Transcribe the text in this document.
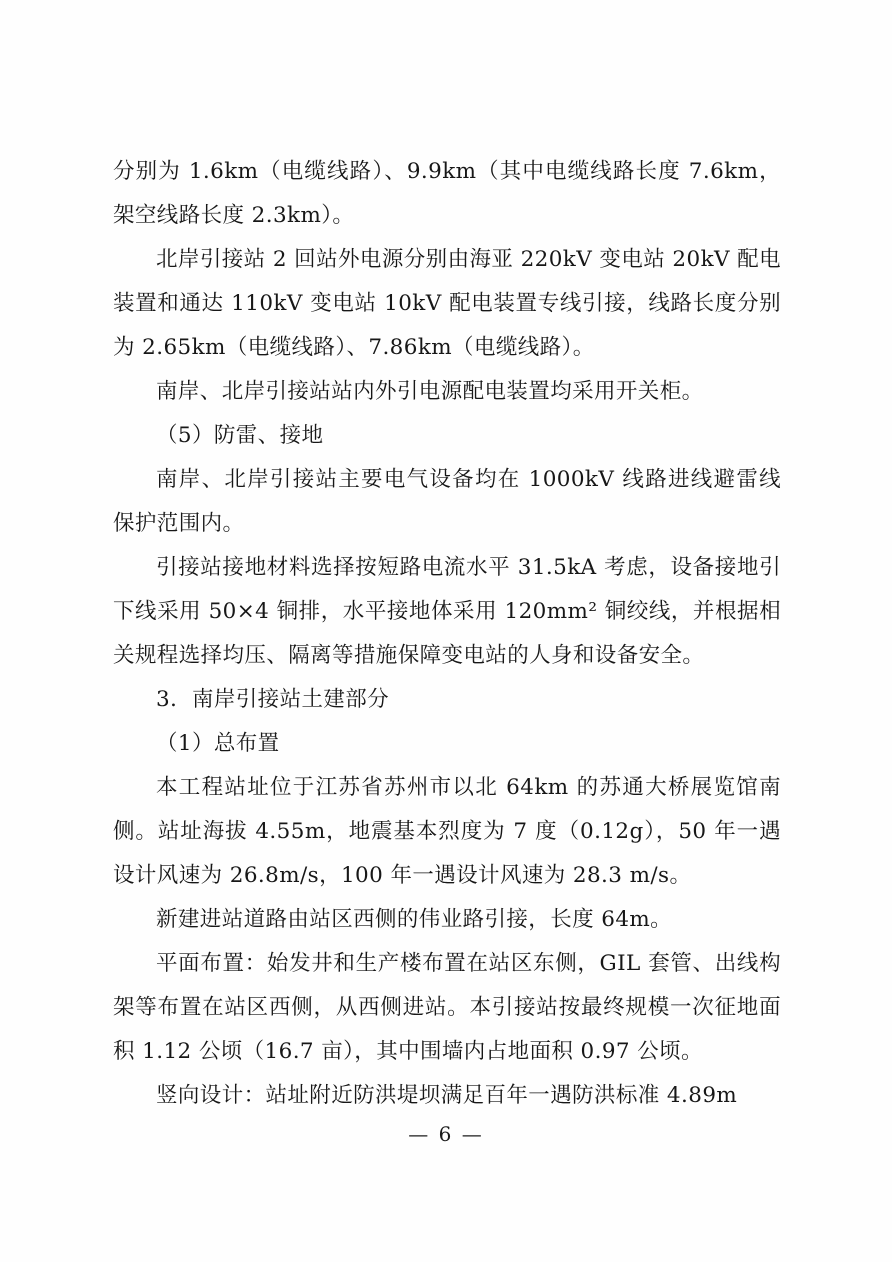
分别为 1.6km（电缆线路）、9.9km（其中电缆线路长度 7.6km，架空线路长度 2.3km）。

北岸引接站 2 回站外电源分别由海亚 220kV 变电站 20kV 配电装置和通达 110kV 变电站 10kV 配电装置专线引接，线路长度分别为 2.65km（电缆线路）、7.86km（电缆线路）。

南岸、北岸引接站站内外引电源配电装置均采用开关柜。

（5）防雷、接地

南岸、北岸引接站主要电气设备均在 1000kV 线路进线避雷线保护范围内。

引接站接地材料选择按短路电流水平 31.5kA 考虑，设备接地引下线采用 50×4 铜排，水平接地体采用 120mm² 铜绞线，并根据相关规程选择均压、隔离等措施保障变电站的人身和设备安全。

3．南岸引接站土建部分

（1）总布置

本工程站址位于江苏省苏州市以北 64km 的苏通大桥展览馆南侧。站址海拔 4.55m，地震基本烈度为 7 度（0.12g），50 年一遇设计风速为 26.8m/s，100 年一遇设计风速为 28.3 m/s。

新建进站道路由站区西侧的伟业路引接，长度 64m。

平面布置：始发井和生产楼布置在站区东侧，GIL 套管、出线构架等布置在站区西侧，从西侧进站。本引接站按最终规模一次征地面积 1.12 公顷（16.7 亩），其中围墙内占地面积 0.97 公顷。

竖向设计：站址附近防洪堤坝满足百年一遇防洪标准 4.89m

— 6 —
